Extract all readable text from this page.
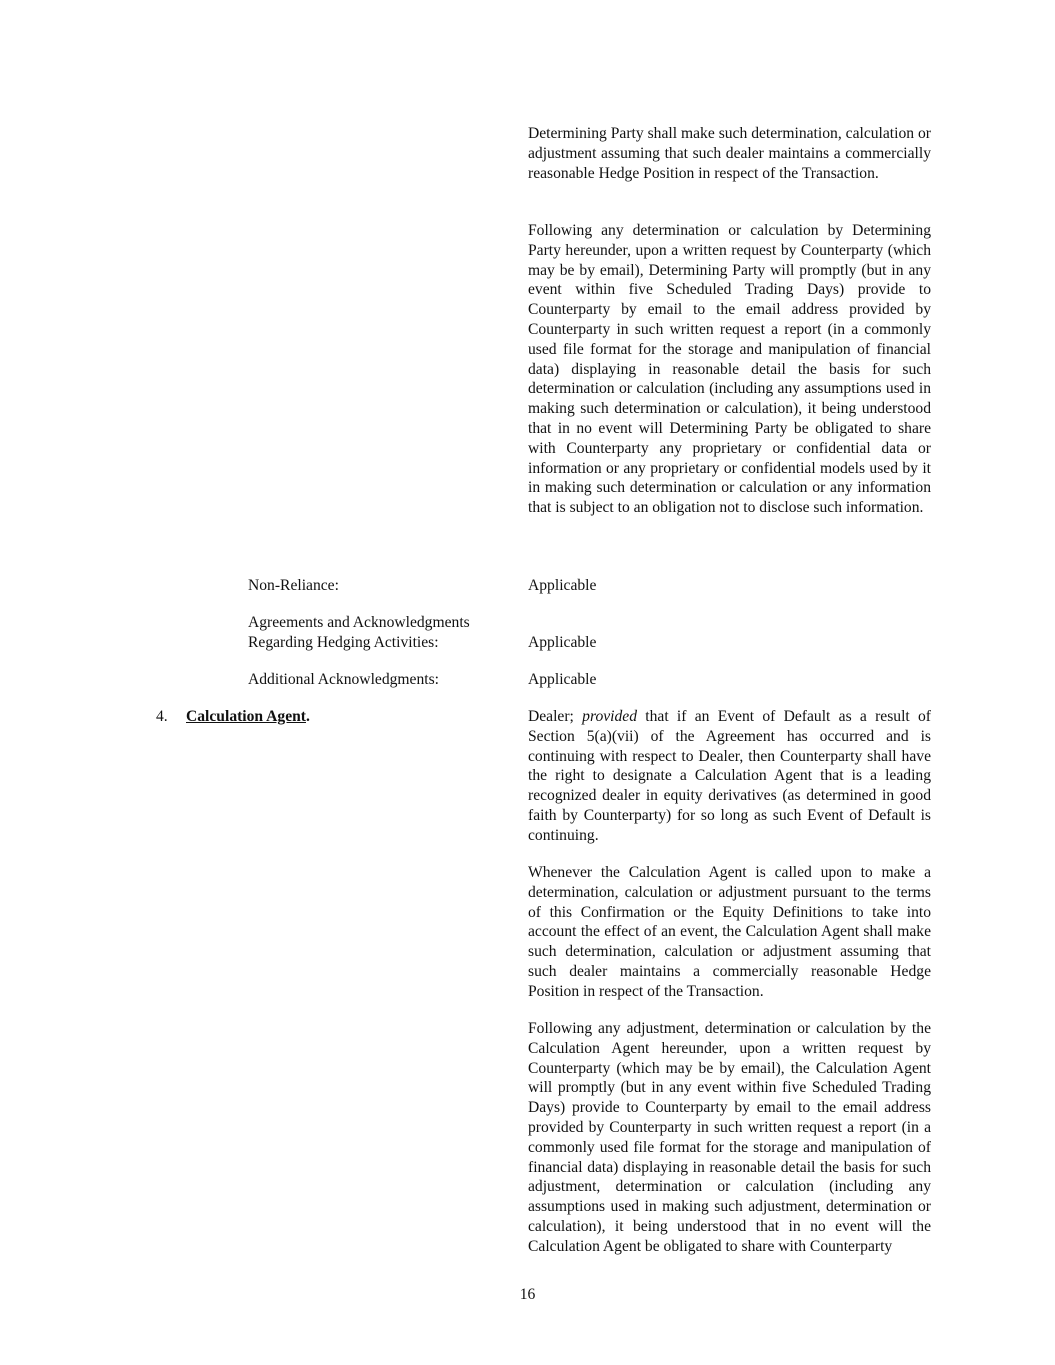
Determining Party shall make such determination, calculation or adjustment assuming that such dealer maintains a commercially reasonable Hedge Position in respect of the Transaction.

Following any determination or calculation by Determining Party hereunder, upon a written request by Counterparty (which may be by email), Determining Party will promptly (but in any event within five Scheduled Trading Days) provide to Counterparty by email to the email address provided by Counterparty in such written request a report (in a commonly used file format for the storage and manipulation of financial data) displaying in reasonable detail the basis for such determination or calculation (including any assumptions used in making such determination or calculation), it being understood that in no event will Determining Party be obligated to share with Counterparty any proprietary or confidential data or information or any proprietary or confidential models used by it in making such determination or calculation or any information that is subject to an obligation not to disclose such information.

Non-Reliance:	Applicable

Agreements and Acknowledgments Regarding Hedging Activities:	Applicable

Additional Acknowledgments:	Applicable

4. Calculation Agent.	Dealer; provided that if an Event of Default as a result of Section 5(a)(vii) of the Agreement has occurred and is continuing with respect to Dealer, then Counterparty shall have the right to designate a Calculation Agent that is a leading recognized dealer in equity derivatives (as determined in good faith by Counterparty) for so long as such Event of Default is continuing.

Whenever the Calculation Agent is called upon to make a determination, calculation or adjustment pursuant to the terms of this Confirmation or the Equity Definitions to take into account the effect of an event, the Calculation Agent shall make such determination, calculation or adjustment assuming that such dealer maintains a commercially reasonable Hedge Position in respect of the Transaction.

Following any adjustment, determination or calculation by the Calculation Agent hereunder, upon a written request by Counterparty (which may be by email), the Calculation Agent will promptly (but in any event within five Scheduled Trading Days) provide to Counterparty by email to the email address provided by Counterparty in such written request a report (in a commonly used file format for the storage and manipulation of financial data) displaying in reasonable detail the basis for such adjustment, determination or calculation (including any assumptions used in making such adjustment, determination or calculation), it being understood that in no event will the Calculation Agent be obligated to share with Counterparty

16
